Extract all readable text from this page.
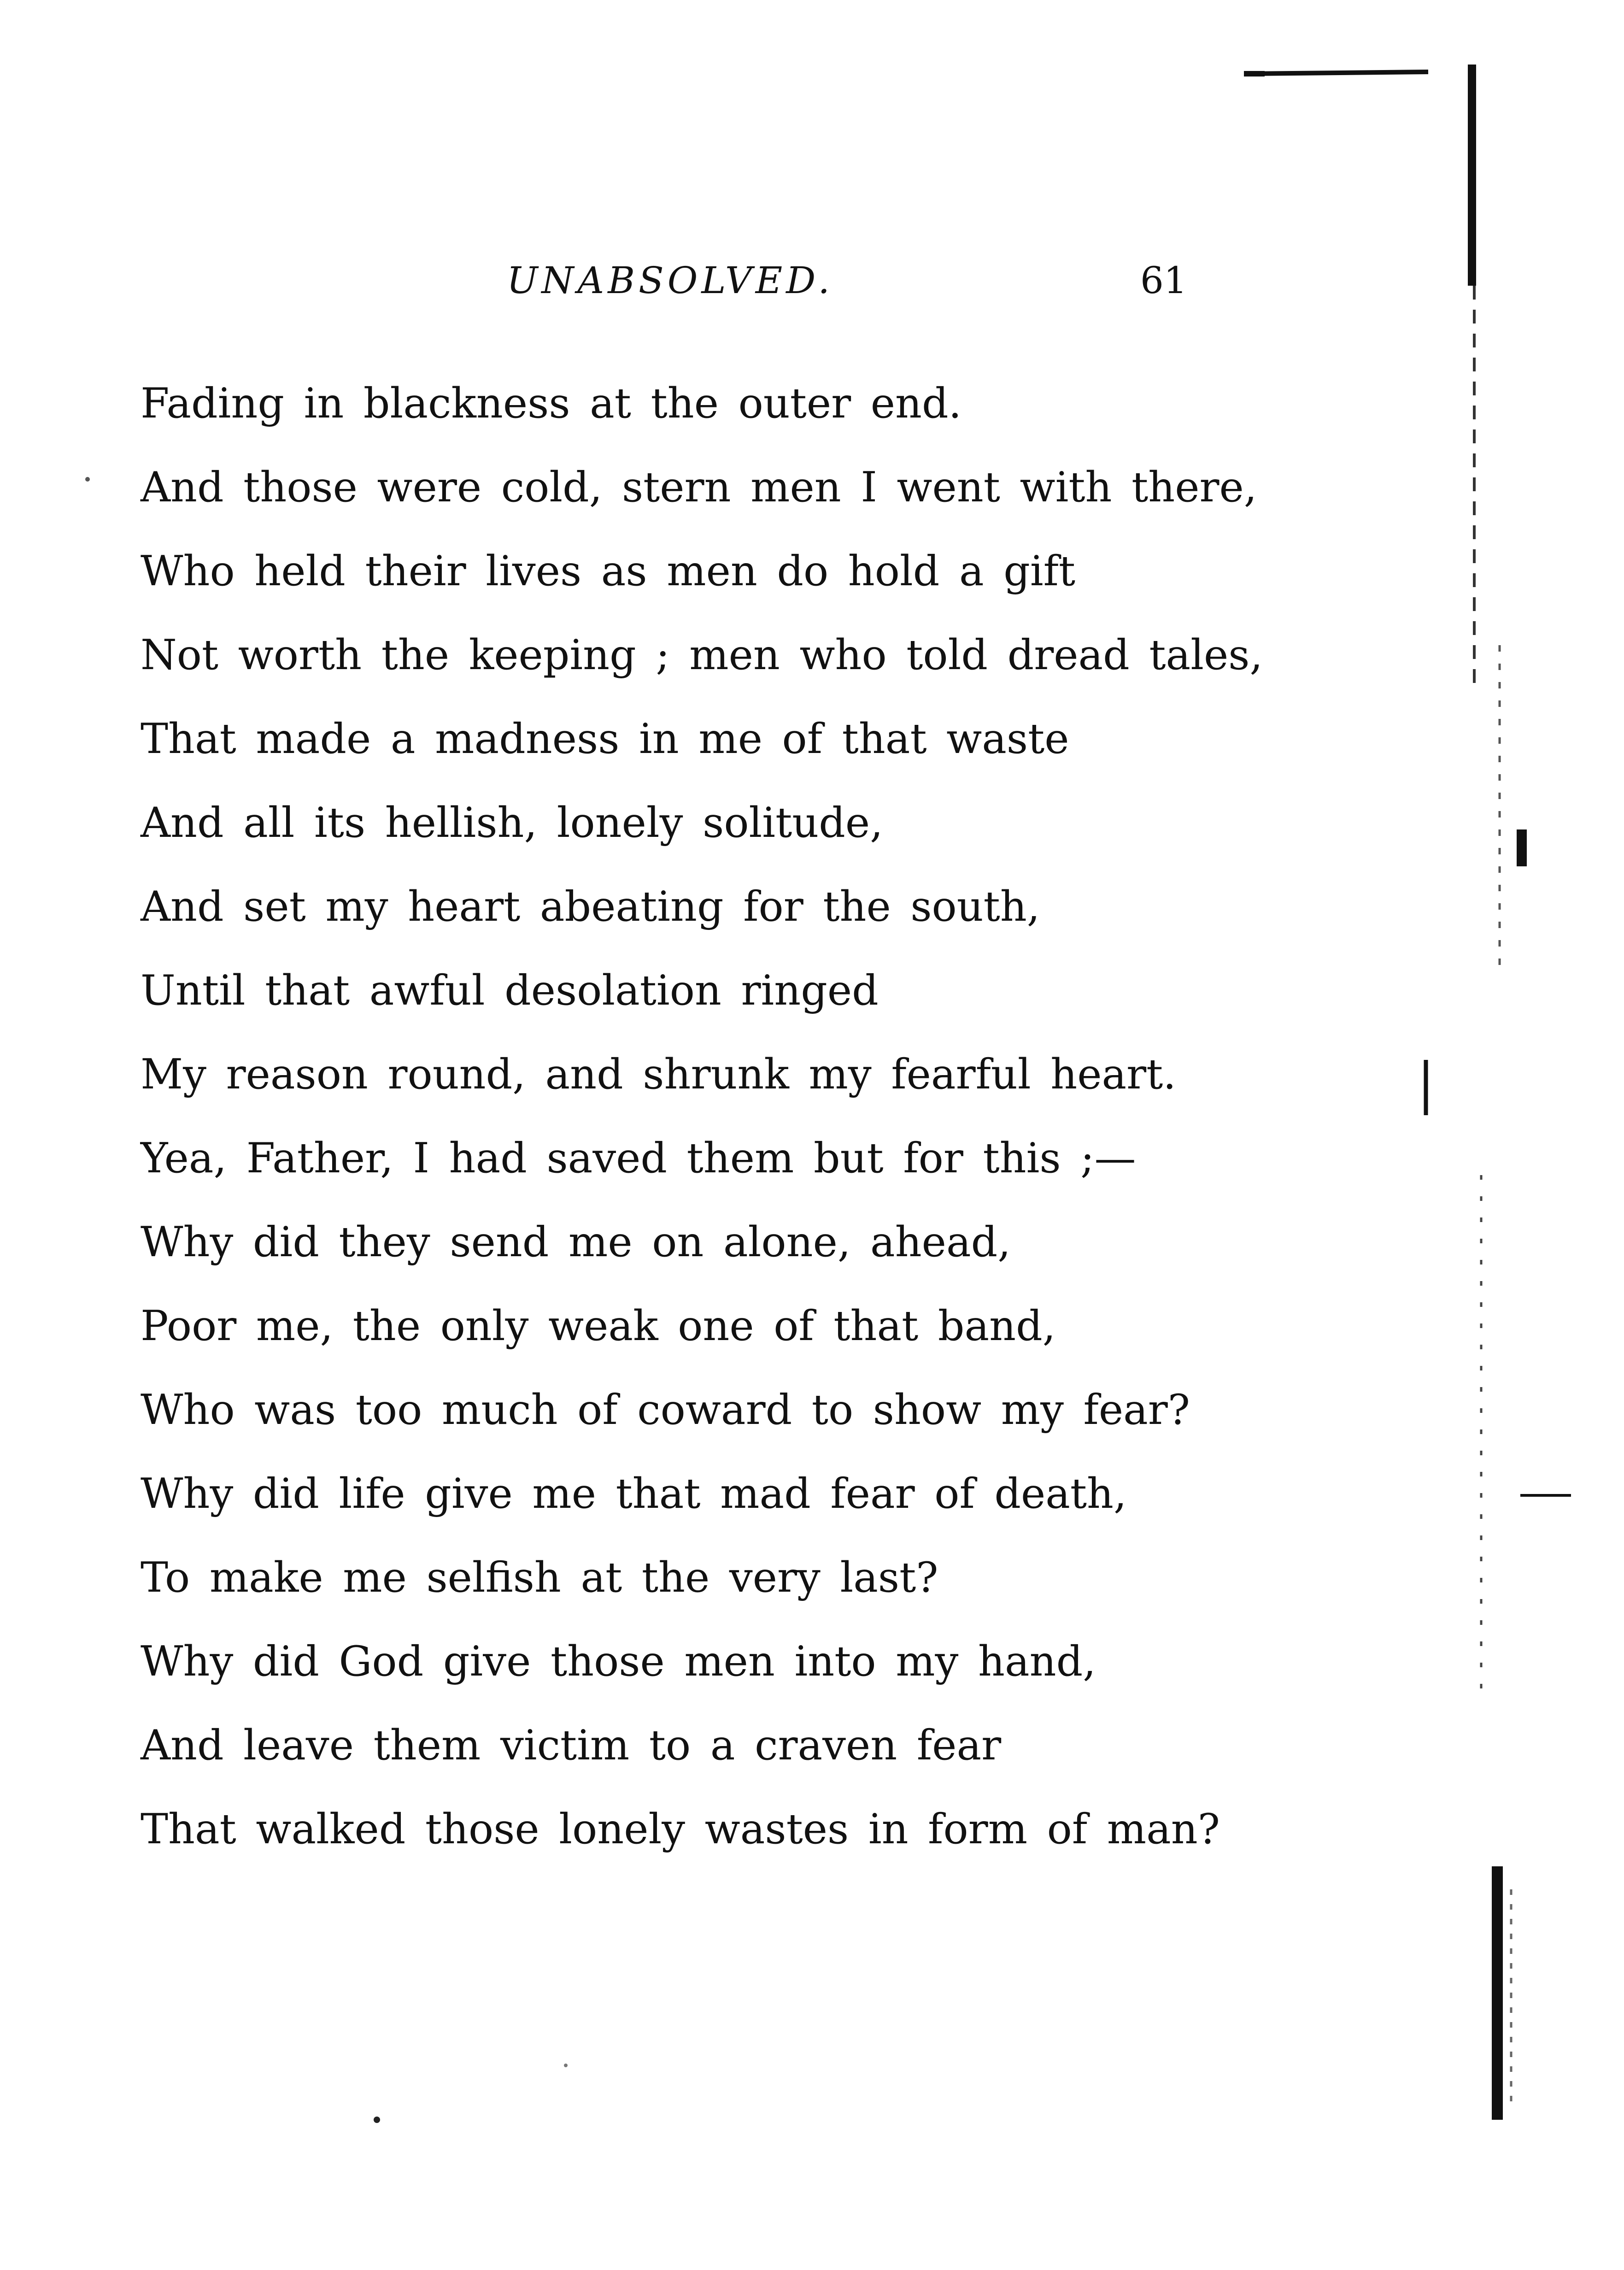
UNABSOLVED.	61
Fading in blackness at the outer end.
And those were cold, stern men I went with there,
Who held their lives as men do hold a gift
Not worth the keeping ; men who told dread tales,
That made a madness in me of that waste
And all its hellish, lonely solitude,
And set my heart abeating for the south,
Until that awful desolation ringed
My reason round, and shrunk my fearful heart.
Yea, Father, I had saved them but for this ;—
Why did they send me on alone, ahead,
Poor me, the only weak one of that band,
Who was too much of coward to show my fear?
Why did life give me that mad fear of death,
To make me selfish at the very last?
Why did God give those men into my hand,
And leave them victim to a craven fear
That walked those lonely wastes in form of man?
